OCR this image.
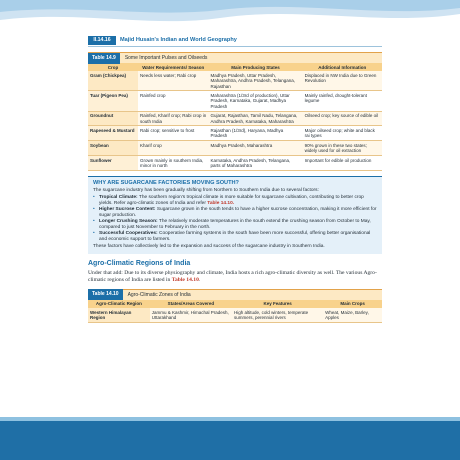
II.14.16	Majid Husain's Indian and World Geography
Table 14.9	Some Important Pulses and Oilseeds
Crop	Water Requirements/ Season	Main Producing States	Additional Information
Gram (Chickpea)	Needs less water; Rabi crop	Madhya Pradesh, Uttar Pradesh, Maharashtra, Andhra Pradesh, Telangana, Rajasthan	Displaced in NW India due to Green Revolution
Tuar (Pigeon Pea)	Rainfed crop	Maharashtra (1/3rd of production), Uttar Pradesh, Karnataka, Gujarat, Madhya Pradesh	Mainly rainfed, drought-tolerant legume
Groundnut	Rainfed, Kharif crop; Rabi crop in south India	Gujarat, Rajasthan, Tamil Nadu, Telangana, Andhra Pradesh, Karnataka, Maharashtra	Oilseed crop; key source of edible oil
Rapeseed & Mustard	Rabi crop; sensitive to frost	Rajasthan (1/3rd), Haryana, Madhya Pradesh	Major oilseed crop; white and black rai types
Soybean	Kharif crop	Madhya Pradesh, Maharashtra	90% grown in these two states; widely used for oil extraction
Sunflower	Grown mainly in southern India, minor in north	Karnataka, Andhra Pradesh, Telangana, parts of Maharashtra	Important for edible oil production
WHY ARE SUGARCANE FACTORIES MOVING SOUTH?

The sugarcane industry has been gradually shifting from Northern to Southern India due to several factors:

• Tropical Climate: The southern region's tropical climate is more suitable for sugarcane cultivation, contributing to better crop yields. Refer agro-climatic zones of India and refer Table 14.10.
• Higher Sucrose Content: Sugarcane grown in the south tends to have a higher sucrose concentration, making it more efficient for sugar production.
• Longer Crushing Season: The relatively moderate temperatures in the south extend the crushing season from October to May, compared to just November to February in the north.
• Successful Cooperatives: Cooperative farming systems in the south have been more successful, offering better organisational and economic support to farmers.

These factors have collectively led to the expansion and success of the sugarcane industry in Southern India.

Agro-Climatic Regions of India

Under that add: Due to its diverse physiography and climate, India hosts a rich agro-climatic diversity as well. The various Agro-climatic regions of India are listed in Table 14.10.

Table 14.10	Agro-Climatic Zones of India
Agro-Climatic Region	States/Areas Covered	Key Features	Main Crops
Western Himalayan Region	Jammu & Kashmir, Himachal Pradesh, Uttarakhand	High altitude, cold winters, temperate summers, perennial rivers	Wheat, Maize, Barley, Apples
